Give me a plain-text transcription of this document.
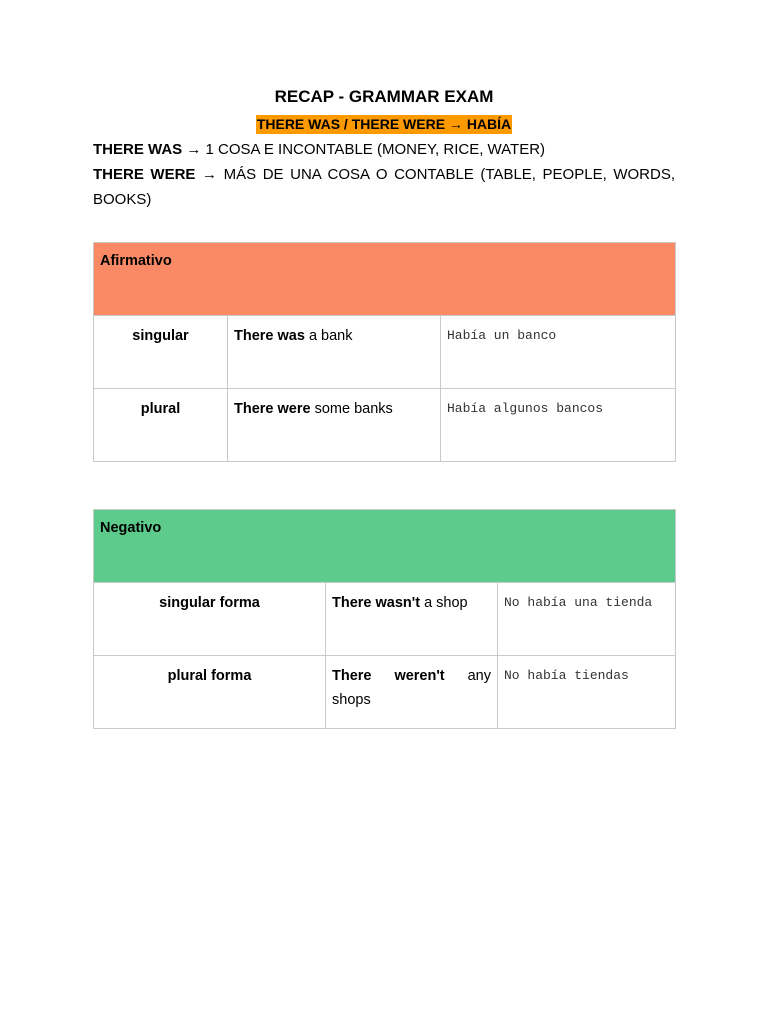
RECAP - GRAMMAR EXAM
THERE WAS / THERE WERE → HABÍA
THERE WAS → 1 COSA E INCONTABLE (MONEY, RICE, WATER)
THERE WERE → MÁS DE UNA COSA O CONTABLE (TABLE, PEOPLE, WORDS, BOOKS)
Afirmativo		
singular	There was a bank	Había un banco
plural	There were some banks	Había algunos bancos
Negativo		
singular forma	There wasn't a shop	No había una tienda
plural forma	There weren't any shops	No había tiendas
